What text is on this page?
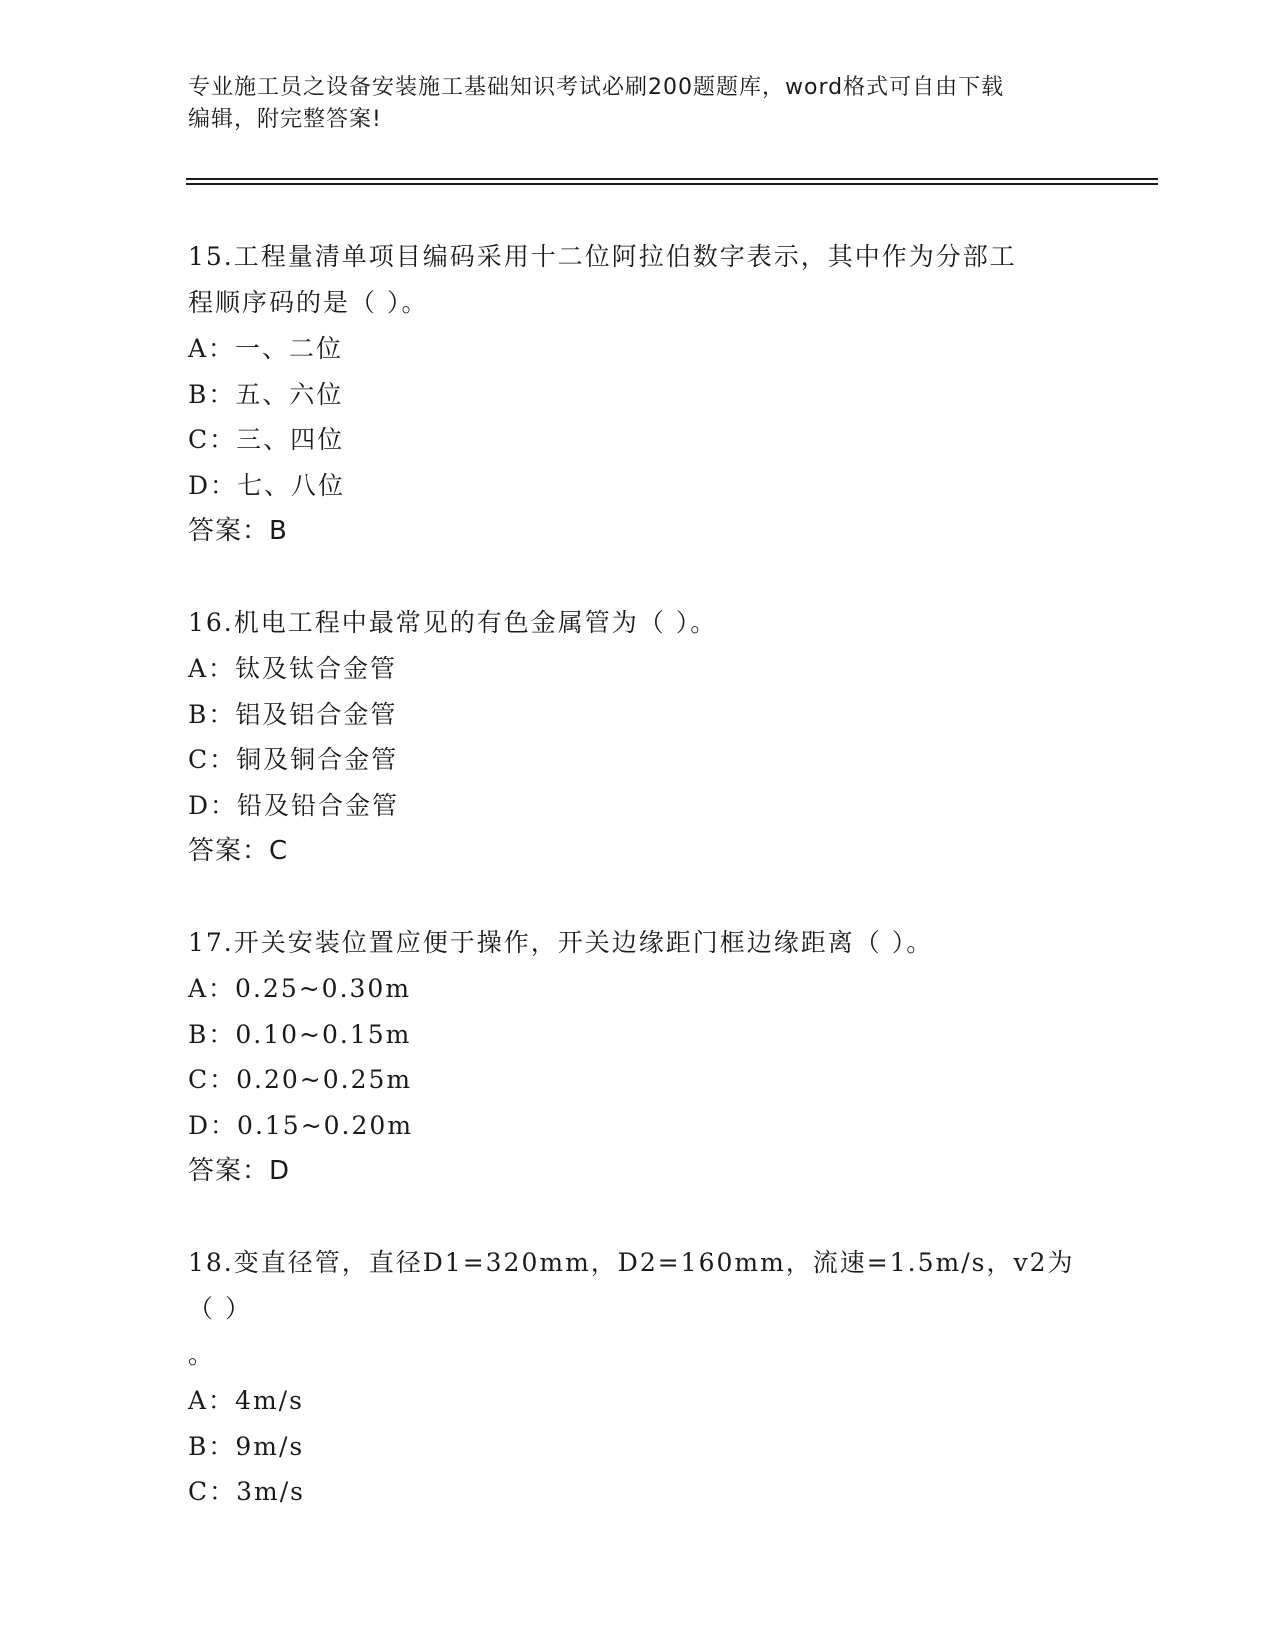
专业施工员之设备安装施工基础知识考试必刷200题题库，word格式可自由下载
编辑，附完整答案!

15.工程量清单项目编码采用十二位阿拉伯数字表示，其中作为分部工

程顺序码的是（ ）。

A：一、二位

B：五、六位

C：三、四位

D：七、八位

答案：B

16.机电工程中最常见的有色金属管为（ ）。

A：钛及钛合金管

B：铝及铝合金管

C：铜及铜合金管

D：铅及铅合金管

答案：C

17.开关安装位置应便于操作，开关边缘距门框边缘距离（ ）。

A：0.25~0.30m

B：0.10~0.15m

C：0.20~0.25m

D：0.15~0.20m

答案：D

18.变直径管，直径D1=320mm，D2=160mm，流速=1.5m/s，v2为（ ）

。

A：4m/s

B：9m/s

C：3m/s
